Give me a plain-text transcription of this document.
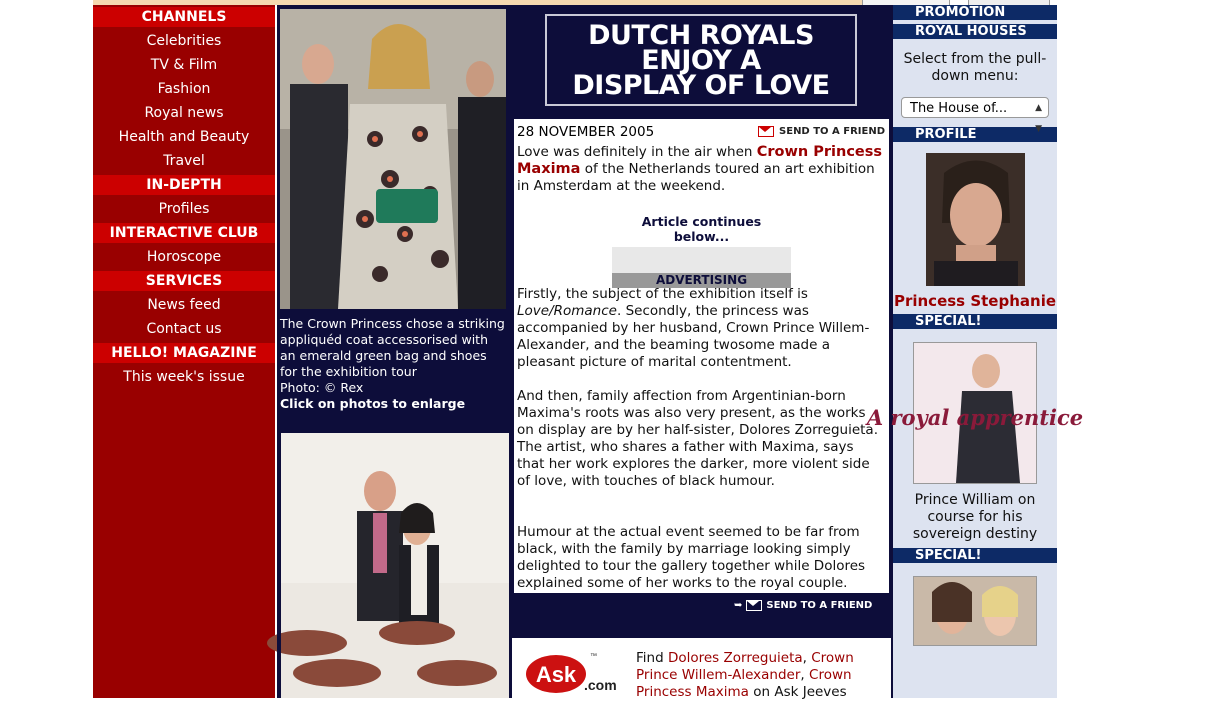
CHANNELS
Celebrities
TV & Film
Fashion
Royal news
Health and Beauty
Travel
IN-DEPTH
Profiles
INTERACTIVE CLUB
Horoscope
SERVICES
News feed
Contact us
HELLO! MAGAZINE
This week's issue
The Crown Princess chose a striking appliquéd coat accessorised with an emerald green bag and shoes for the exhibition tour
Photo: © Rex
Click on photos to enlarge
DUTCH ROYALS
ENJOY A
DISPLAY OF LOVE
28 NOVEMBER 2005	SEND TO A FRIEND
Love was definitely in the air when Crown Princess Maxima of the Netherlands toured an art exhibition in Amsterdam at the weekend.
Article continues below...
ADVERTISING
Firstly, the subject of the exhibition itself is Love/Romance. Secondly, the princess was accompanied by her husband, Crown Prince Willem-Alexander, and the beaming twosome made a pleasant picture of marital contentment.
And then, family affection from Argentinian-born Maxima's roots was also very present, as the works on display are by her half-sister, Dolores Zorreguieta. The artist, who shares a father with Maxima, says that her work explores the darker, more violent side of love, with touches of black humour.
Humour at the actual event seemed to be far from black, with the family by marriage looking simply delighted to tour the gallery together while Dolores explained some of her works to the royal couple.
➥ SEND TO A FRIEND
Ask
™
.com
Find Dolores Zorreguieta, Crown Prince Willem-Alexander, Crown Princess Maxima on Ask Jeeves
PROMOTION
ROYAL HOUSES
Select from the pull-down menu:
The House of...	▲
▼
PROFILE
Princess Stephanie
SPECIAL!
A royal apprentice
Prince William on course for his sovereign destiny
SPECIAL!
